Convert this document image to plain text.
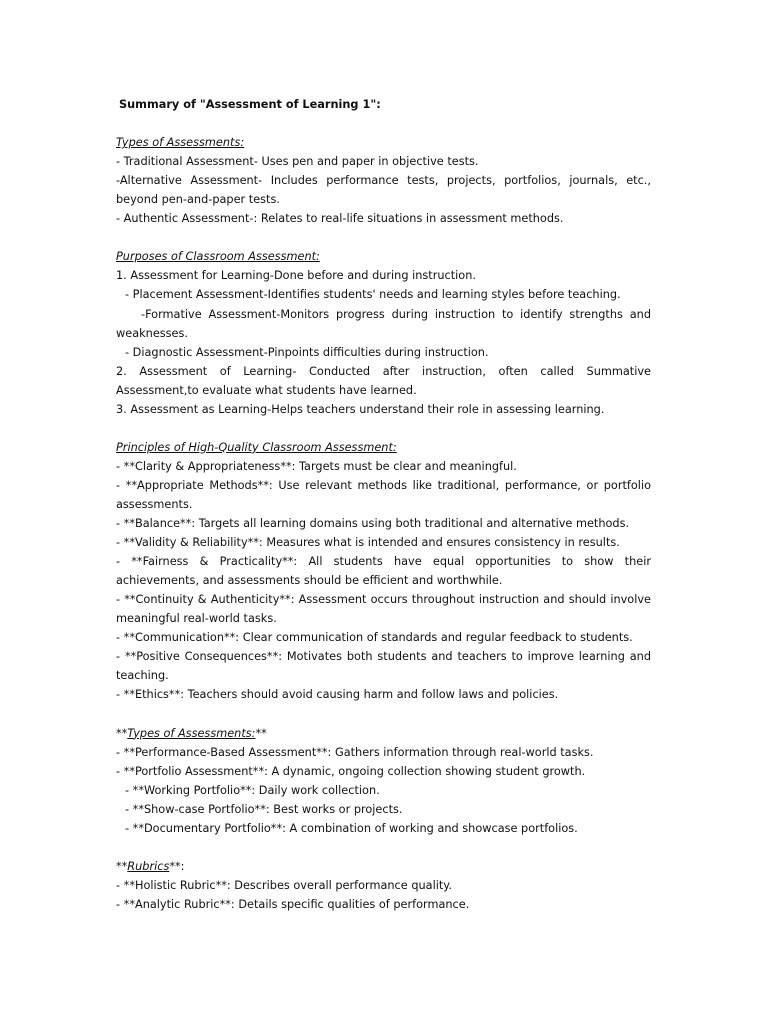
Summary of "Assessment of Learning 1":

Types of Assessments:

- Traditional Assessment- Uses pen and paper in objective tests.

-Alternative Assessment- Includes performance tests, projects, portfolios, journals, etc., beyond pen-and-paper tests.

- Authentic Assessment-: Relates to real-life situations in assessment methods.

Purposes of Classroom Assessment:

1. Assessment for Learning-Done before and during instruction.

- Placement Assessment-Identifies students' needs and learning styles before teaching.

-Formative Assessment-Monitors progress during instruction to identify strengths and weaknesses.

- Diagnostic Assessment-Pinpoints difficulties during instruction.

2. Assessment of Learning- Conducted after instruction, often called Summative Assessment,to evaluate what students have learned.

3. Assessment as Learning-Helps teachers understand their role in assessing learning.

Principles of High-Quality Classroom Assessment:

- **Clarity & Appropriateness**: Targets must be clear and meaningful.

- **Appropriate Methods**: Use relevant methods like traditional, performance, or portfolio assessments.

- **Balance**: Targets all learning domains using both traditional and alternative methods.

- **Validity & Reliability**: Measures what is intended and ensures consistency in results.

- **Fairness & Practicality**: All students have equal opportunities to show their achievements, and assessments should be efficient and worthwhile.

- **Continuity & Authenticity**: Assessment occurs throughout instruction and should involve meaningful real-world tasks.

- **Communication**: Clear communication of standards and regular feedback to students.

- **Positive Consequences**: Motivates both students and teachers to improve learning and teaching.

- **Ethics**: Teachers should avoid causing harm and follow laws and policies.

**Types of Assessments:**

- **Performance-Based Assessment**: Gathers information through real-world tasks.

- **Portfolio Assessment**: A dynamic, ongoing collection showing student growth.

- **Working Portfolio**: Daily work collection.

- **Show-case Portfolio**: Best works or projects.

- **Documentary Portfolio**: A combination of working and showcase portfolios.

**Rubrics**:

- **Holistic Rubric**: Describes overall performance quality.

- **Analytic Rubric**: Details specific qualities of performance.
